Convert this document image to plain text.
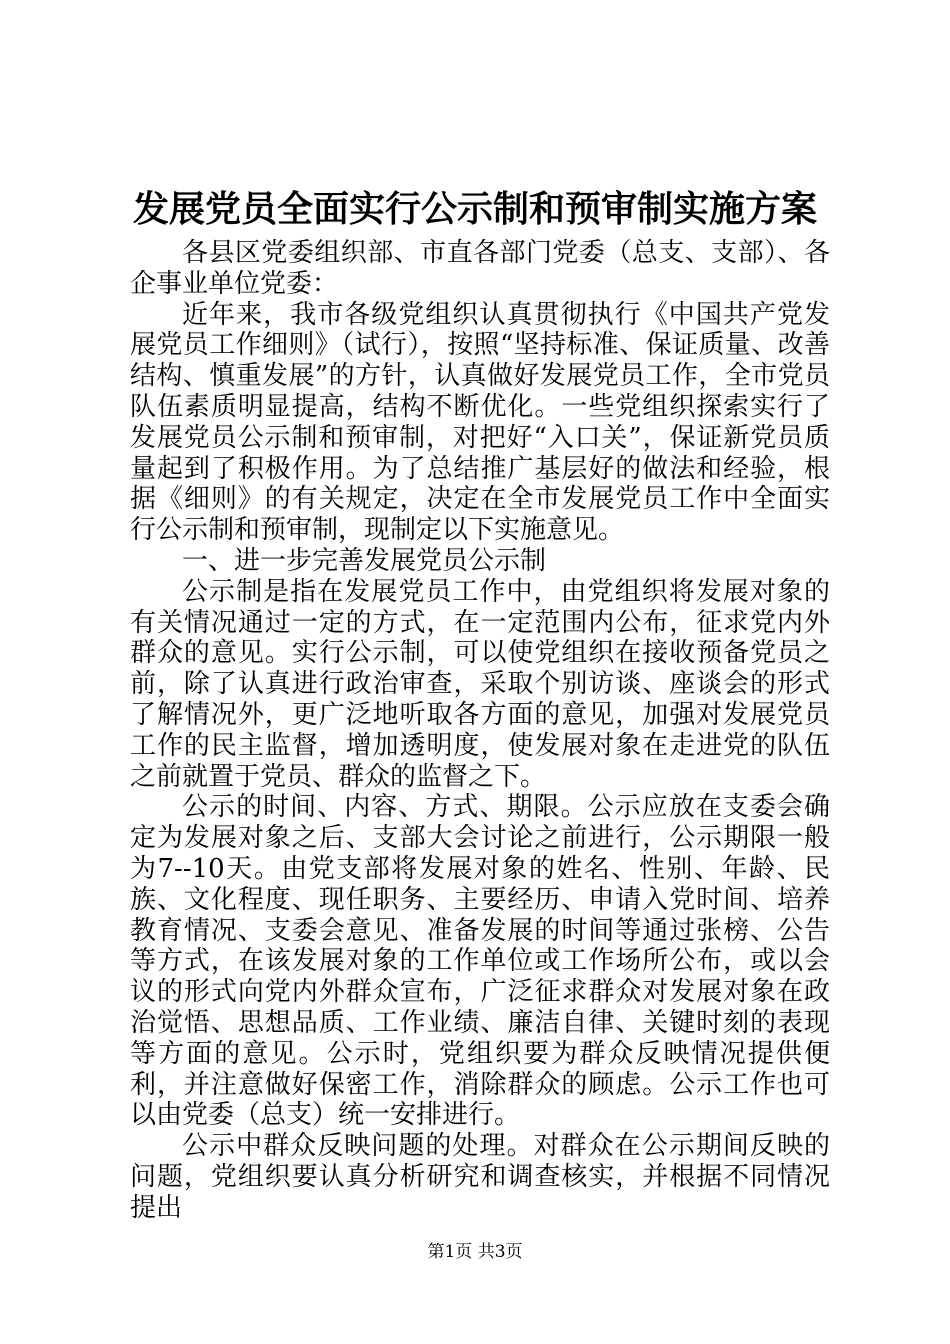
发展党员全面实行公示制和预审制实施方案

各县区党委组织部、市直各部门党委（总支、支部）、各企事业单位党委：

近年来，我市各级党组织认真贯彻执行《中国共产党发展党员工作细则》（试行），按照“坚持标准、保证质量、改善结构、慎重发展”的方针，认真做好发展党员工作，全市党员队伍素质明显提高，结构不断优化。一些党组织探索实行了发展党员公示制和预审制，对把好“入口关”，保证新党员质量起到了积极作用。为了总结推广基层好的做法和经验，根据《细则》的有关规定，决定在全市发展党员工作中全面实行公示制和预审制，现制定以下实施意见。

一、进一步完善发展党员公示制

公示制是指在发展党员工作中，由党组织将发展对象的有关情况通过一定的方式，在一定范围内公布，征求党内外群众的意见。实行公示制，可以使党组织在接收预备党员之前，除了认真进行政治审查，采取个别访谈、座谈会的形式了解情况外，更广泛地听取各方面的意见，加强对发展党员工作的民主监督，增加透明度，使发展对象在走进党的队伍之前就置于党员、群众的监督之下。

公示的时间、内容、方式、期限。公示应放在支委会确定为发展对象之后、支部大会讨论之前进行，公示期限一般为7--10天。由党支部将发展对象的姓名、性别、年龄、民族、文化程度、现任职务、主要经历、申请入党时间、培养教育情况、支委会意见、准备发展的时间等通过张榜、公告等方式，在该发展对象的工作单位或工作场所公布，或以会议的形式向党内外群众宣布，广泛征求群众对发展对象在政治觉悟、思想品质、工作业绩、廉洁自律、关键时刻的表现等方面的意见。公示时，党组织要为群众反映情况提供便利，并注意做好保密工作，消除群众的顾虑。公示工作也可以由党委（总支）统一安排进行。

公示中群众反映问题的处理。对群众在公示期间反映的问题，党组织要认真分析研究和调查核实，并根据不同情况提出

第1页 共3页
